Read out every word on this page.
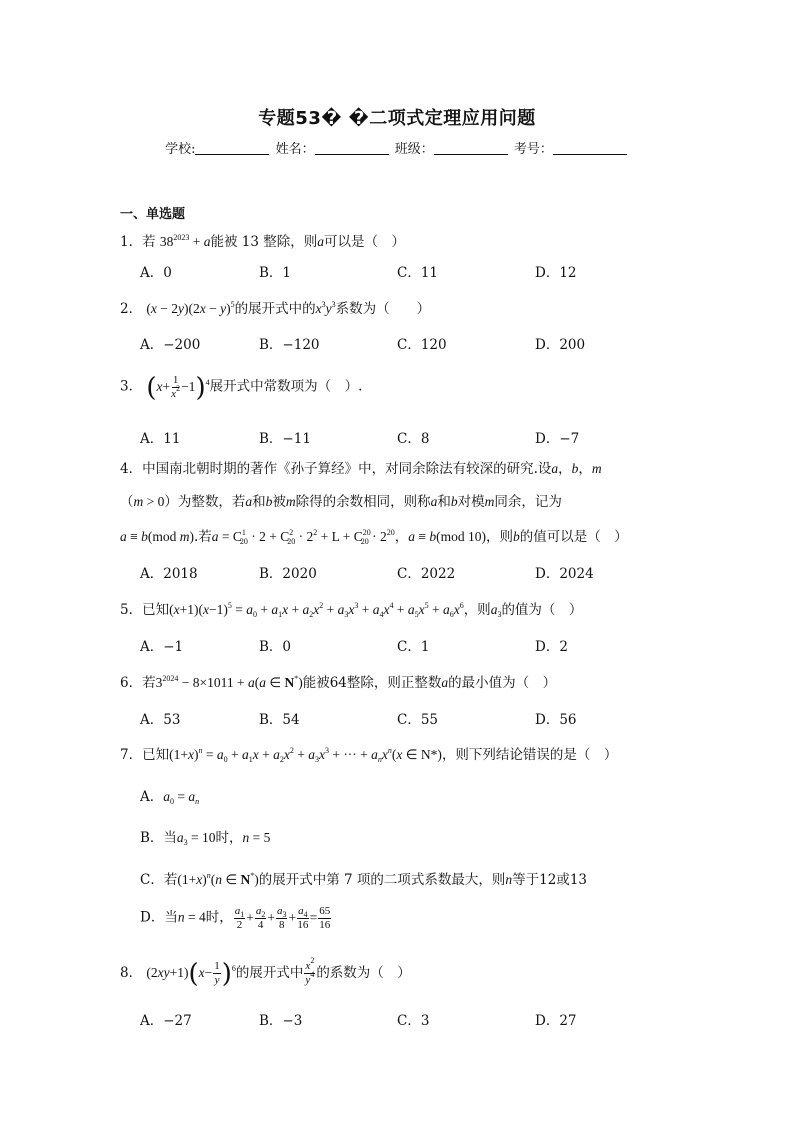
专题53� �二项式定理应用问题
学校:	姓名：	班级：	考号：
一、单选题
1．若 $38^{2023} + a$能被 13 整除，则a可以是（　）
A．0	B．1	C．11	D．12
2． $(x - 2y)(2x - y)^5$的展开式中的$x^3y^3$系数为（　　）
A．−200	B．−120	C．120	D．200
3． $(x+ \frac{1}{x^2} -1)^4$展开式中常数项为（　）.
A．11	B．−11	C．8	D．−7
4．中国南北朝时期的著作《孙子算经》中，对同余除法有较深的研究.设a，b，m
（m > 0）为整数，若a和b被m除得的余数相同，则称a和b对模m同余，记为
a ≡ b(mod m).若$a = C^1_{20} \cdot 2 + C^2_{20} \cdot 2^2 + L + C^{20}_{20} \cdot 2^{20}$，a ≡ b(mod 10)，则b的值可以是（　）
A．2018	B．2020	C．2022	D．2024
5．已知$(x+1)(x-1)^5 = a_0 + a_1x + a_2x^2 + a_3x^3 + a_4x^4 + a_5x^5 + a_6x^6$，则$a_3$的值为（　）
A．−1	B．0	C．1	D．2
6．若$3^{2024} - 8\times 1011 + a(a$ ∈ N*)能被64整除，则正整数a的最小值为（　）
A．53	B．54	C．55	D．56
7．已知$(1+x)^n = a_0 + a_1x + a_2x^2 + a_3x^3$ + ··· + $a_nx^n(x$ ∈ N*)，则下列结论错误的是（　）
A．$a_0 = a_n$
B．当$a_3 = 10$时，n = 5
C．若$(1+x)^n(n$ ∈ N*)的展开式中第 7 项的二项式系数最大，则n等于12或13
D．当n = 4时， $\frac{a_1}{2} + \frac{a_2}{4} + \frac{a_3}{8} + \frac{a_4}{16} = \frac{65}{16}$
8． $(2xy+1)(x- \frac{1}{y} )^6$的展开式中 $\frac{x^2}{y^4}$ 的系数为（　）
A．−27	B．−3	C．3	D．27
